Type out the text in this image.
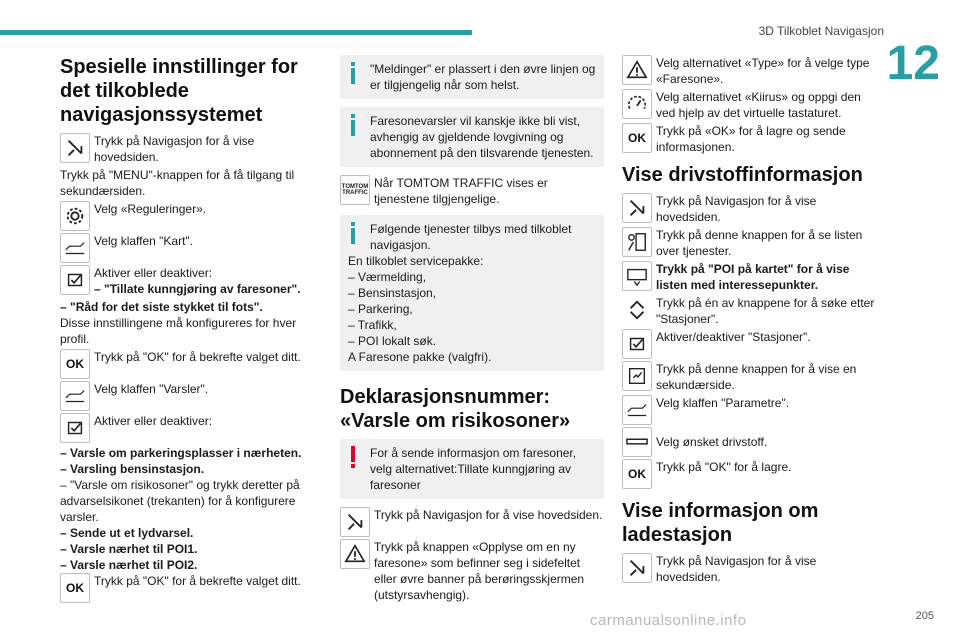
3D Tilkoblet Navigasjon
12
Spesielle innstillinger for det tilkoblede navigasjonssystemet
Trykk på Navigasjon for å vise hovedsiden.

Trykk på "MENU"-knappen for å få tilgang til sekundærsiden.

Velg «Reguleringer».
Velg klaffen "Kart".
Aktiver eller deaktiver:
– "Tillate kunngjøring av faresoner".

– "Råd for det siste stykket til fots".

Disse innstillingene må konfigureres for hver profil.

OK Trykk på "OK" for å bekrefte valget ditt.
Velg klaffen "Varsler".
Aktiver eller deaktiver:

– Varsle om parkeringsplasser i nærheten.

– Varsling bensinstasjon.

– "Varsle om risikosoner" og trykk deretter på advarselsikonet (trekanten) for å konfigurere varsler.

– Sende ut et lydvarsel.

– Varsle nærhet til POI1.

– Varsle nærhet til POI2.

OK Trykk på "OK" for å bekrefte valget ditt.
"Meldinger" er plassert i den øvre linjen og er tilgjengelig når som helst.
Faresonevarsler vil kanskje ikke bli vist, avhengig av gjeldende lovgivning og abonnement på den tilsvarende tjenesten.
TOMTOM TRAFFIC
Når TOMTOM TRAFFIC vises er tjenestene tilgjengelige.
Følgende tjenester tilbys med tilkoblet navigasjon.
En tilkoblet servicepakke:
– Værmelding,
– Bensinstasjon,
– Parkering,
– Trafikk,
– POI lokalt søk.
A Faresone pakke (valgfri).
Deklarasjonsnummer: «Varsle om risikosoner»
For å sende informasjon om faresoner, velg alternativet:Tillate kunngjøring av faresoner
Trykk på Navigasjon for å vise hovedsiden.
Trykk på knappen «Opplyse om en ny faresone» som befinner seg i sidefeltet eller øvre banner på berøringsskjermen (utstyrsavhengig).
Velg alternativet «Type» for å velge type «Faresone».
Velg alternativet «Kiirus» og oppgi den ved hjelp av det virtuelle tastaturet.
OK Trykk på «OK» for å lagre og sende informasjonen.
Vise drivstoffinformasjon
Trykk på Navigasjon for å vise hovedsiden.
Trykk på denne knappen for å se listen over tjenester.
Trykk på "POI på kartet" for å vise listen med interessepunkter.
Trykk på én av knappene for å søke etter "Stasjoner".
Aktiver/deaktiver "Stasjoner".
Trykk på denne knappen for å vise en sekundærside.
Velg klaffen "Parametre".
Velg ønsket drivstoff.
OK Trykk på "OK" for å lagre.
Vise informasjon om ladestasjon
Trykk på Navigasjon for å vise hovedsiden.
carmanualsonline.info	205
